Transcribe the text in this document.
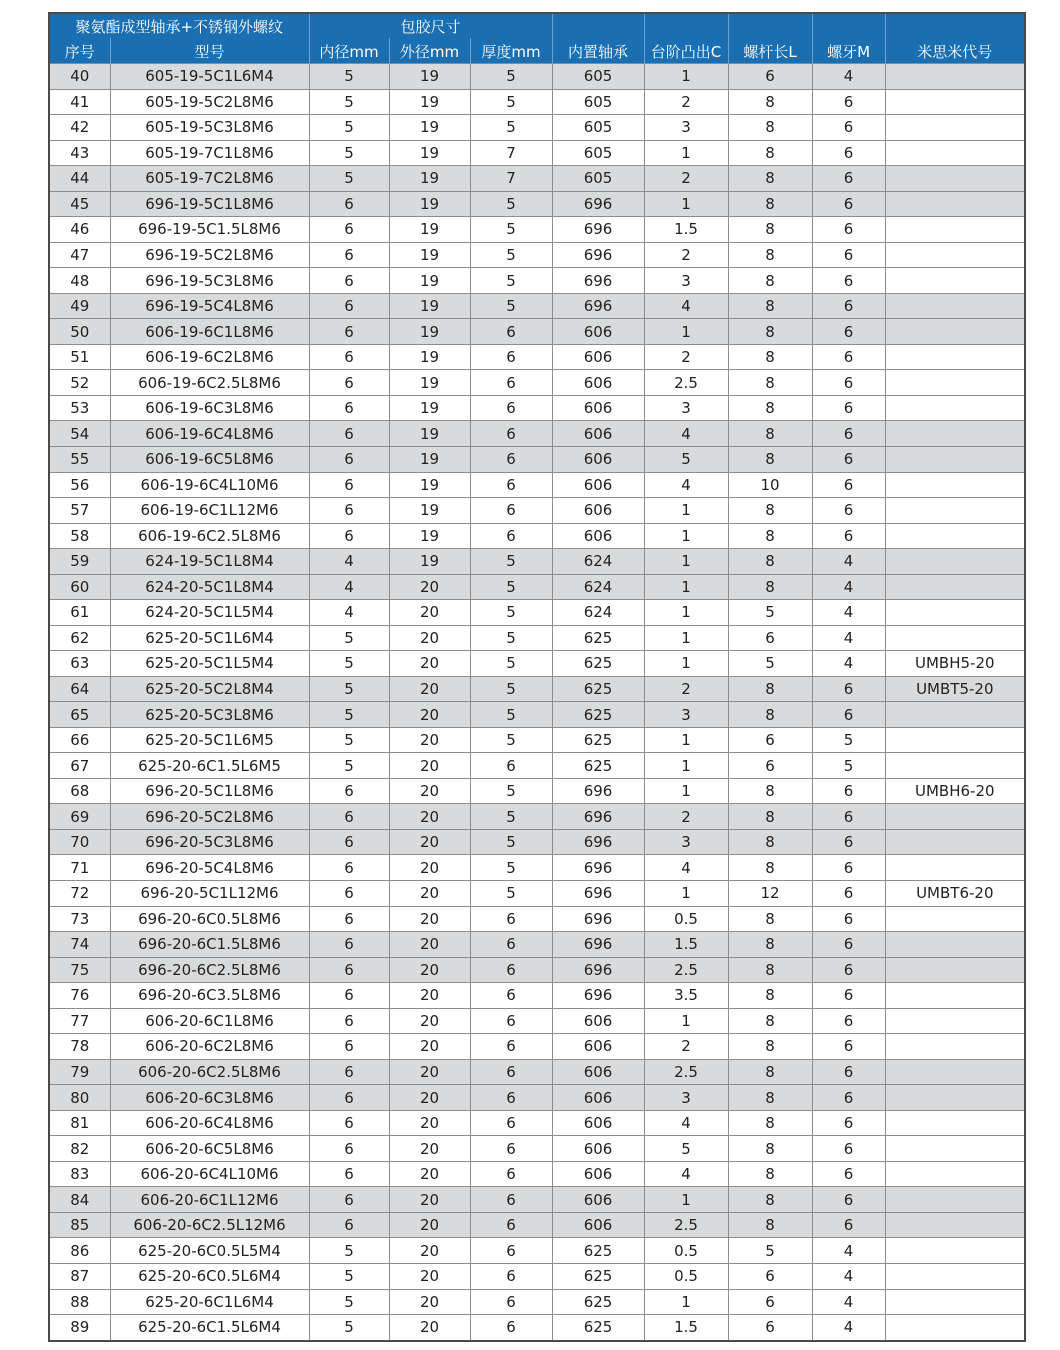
聚氨酯成型轴承+不锈钢外螺纹		包胶尺寸							
序号	型号	内径mm	外径mm	厚度mm	内置轴承	台阶凸出C	螺杆长L	螺牙M	米思米代号
40	605-19-5C1L6M4	5	19	5	605	1	6	4	
41	605-19-5C2L8M6	5	19	5	605	2	8	6	
42	605-19-5C3L8M6	5	19	5	605	3	8	6	
43	605-19-7C1L8M6	5	19	7	605	1	8	6	
44	605-19-7C2L8M6	5	19	7	605	2	8	6	
45	696-19-5C1L8M6	6	19	5	696	1	8	6	
46	696-19-5C1.5L8M6	6	19	5	696	1.5	8	6	
47	696-19-5C2L8M6	6	19	5	696	2	8	6	
48	696-19-5C3L8M6	6	19	5	696	3	8	6	
49	696-19-5C4L8M6	6	19	5	696	4	8	6	
50	606-19-6C1L8M6	6	19	6	606	1	8	6	
51	606-19-6C2L8M6	6	19	6	606	2	8	6	
52	606-19-6C2.5L8M6	6	19	6	606	2.5	8	6	
53	606-19-6C3L8M6	6	19	6	606	3	8	6	
54	606-19-6C4L8M6	6	19	6	606	4	8	6	
55	606-19-6C5L8M6	6	19	6	606	5	8	6	
56	606-19-6C4L10M6	6	19	6	606	4	10	6	
57	606-19-6C1L12M6	6	19	6	606	1	8	6	
58	606-19-6C2.5L8M6	6	19	6	606	1	8	6	
59	624-19-5C1L8M4	4	19	5	624	1	8	4	
60	624-20-5C1L8M4	4	20	5	624	1	8	4	
61	624-20-5C1L5M4	4	20	5	624	1	5	4	
62	625-20-5C1L6M4	5	20	5	625	1	6	4	
63	625-20-5C1L5M4	5	20	5	625	1	5	4	UMBH5-20
64	625-20-5C2L8M4	5	20	5	625	2	8	6	UMBT5-20
65	625-20-5C3L8M6	5	20	5	625	3	8	6	
66	625-20-5C1L6M5	5	20	5	625	1	6	5	
67	625-20-6C1.5L6M5	5	20	6	625	1	6	5	
68	696-20-5C1L8M6	6	20	5	696	1	8	6	UMBH6-20
69	696-20-5C2L8M6	6	20	5	696	2	8	6	
70	696-20-5C3L8M6	6	20	5	696	3	8	6	
71	696-20-5C4L8M6	6	20	5	696	4	8	6	
72	696-20-5C1L12M6	6	20	5	696	1	12	6	UMBT6-20
73	696-20-6C0.5L8M6	6	20	6	696	0.5	8	6	
74	696-20-6C1.5L8M6	6	20	6	696	1.5	8	6	
75	696-20-6C2.5L8M6	6	20	6	696	2.5	8	6	
76	696-20-6C3.5L8M6	6	20	6	696	3.5	8	6	
77	606-20-6C1L8M6	6	20	6	606	1	8	6	
78	606-20-6C2L8M6	6	20	6	606	2	8	6	
79	606-20-6C2.5L8M6	6	20	6	606	2.5	8	6	
80	606-20-6C3L8M6	6	20	6	606	3	8	6	
81	606-20-6C4L8M6	6	20	6	606	4	8	6	
82	606-20-6C5L8M6	6	20	6	606	5	8	6	
83	606-20-6C4L10M6	6	20	6	606	4	8	6	
84	606-20-6C1L12M6	6	20	6	606	1	8	6	
85	606-20-6C2.5L12M6	6	20	6	606	2.5	8	6	
86	625-20-6C0.5L5M4	5	20	6	625	0.5	5	4	
87	625-20-6C0.5L6M4	5	20	6	625	0.5	6	4	
88	625-20-6C1L6M4	5	20	6	625	1	6	4	
89	625-20-6C1.5L6M4	5	20	6	625	1.5	6	4	
